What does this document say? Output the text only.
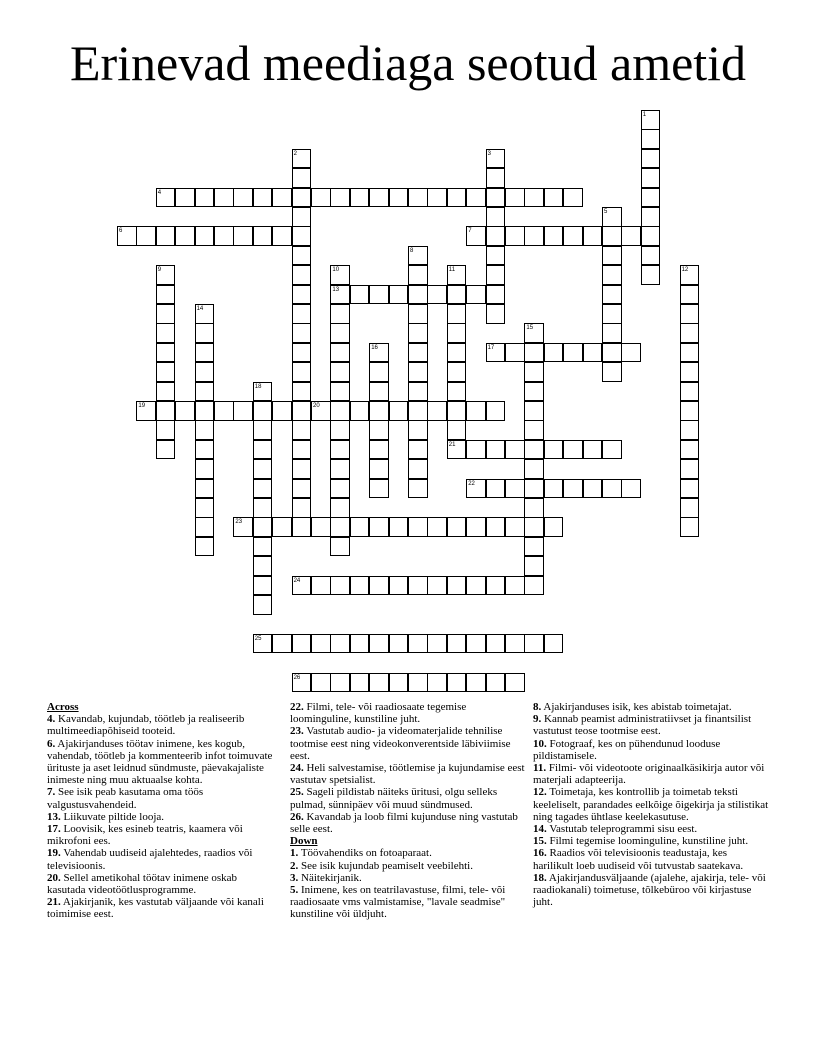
Erinevad meediaga seotud ametid
1
2	3
4
5
6	7
8
9	10
13
11
21
12
14
15
16	17
18
19	20
22
23
24
25
26

Across

4. Kavandab, kujundab, töötleb ja realiseerib multimeediapõhiseid tooteid.

6. Ajakirjanduses töötav inimene, kes kogub, vahendab, töötleb ja kommenteerib infot toimuvate ürituste ja aset leidnud sündmuste, päevakajaliste inimeste ning muu aktuaalse kohta.

7. See isik peab kasutama oma töös valgustusvahendeid.

13. Liikuvate piltide looja.

17. Loovisik, kes esineb teatris, kaamera või mikrofoni ees.

19. Vahendab uudiseid ajalehtedes, raadios või televisioonis.

20. Sellel ametikohal töötav inimene oskab kasutada videotöötlusprogramme.

21. Ajakirjanik, kes vastutab väljaande või kanali toimimise eest.

22. Filmi, tele- või raadiosaate tegemise loominguline, kunstiline juht.

23. Vastutab audio- ja videomaterjalide tehnilise tootmise eest ning videokonverentside läbiviimise eest.

24. Heli salvestamise, töötlemise ja kujundamise eest vastutav spetsialist.

25. Sageli pildistab näiteks üritusi, olgu selleks pulmad, sünnipäev või muud sündmused.

26. Kavandab ja loob filmi kujunduse ning vastutab selle eest.

Down

1. Töövahendiks on fotoaparaat.

2. See isik kujundab peamiselt veebilehti.

3. Näitekirjanik.

5. Inimene, kes on teatrilavastuse, filmi, tele- või raadiosaate vms valmistamise, "lavale seadmise" kunstiline või üldjuht.

8. Ajakirjanduses isik, kes abistab toimetajat.

9. Kannab peamist administratiivset ja finantsilist vastutust teose tootmise eest.

10. Fotograaf, kes on pühendunud looduse pildistamisele.

11. Filmi- või videotoote originaalkäsikirja autor või materjali adapteerija.

12. Toimetaja, kes kontrollib ja toimetab teksti keeleliselt, parandades eelkõige õigekirja ja stilistikat ning tagades ühtlase keelekasutuse.

14. Vastutab teleprogrammi sisu eest.

15. Filmi tegemise loominguline, kunstiline juht.

16. Raadios või televisioonis teadustaja, kes harilikult loeb uudiseid või tutvustab saatekava.

18. Ajakirjandusväljaande (ajalehe, ajakirja, tele- või raadiokanali) toimetuse, tõlkebüroo või kirjastuse juht.
